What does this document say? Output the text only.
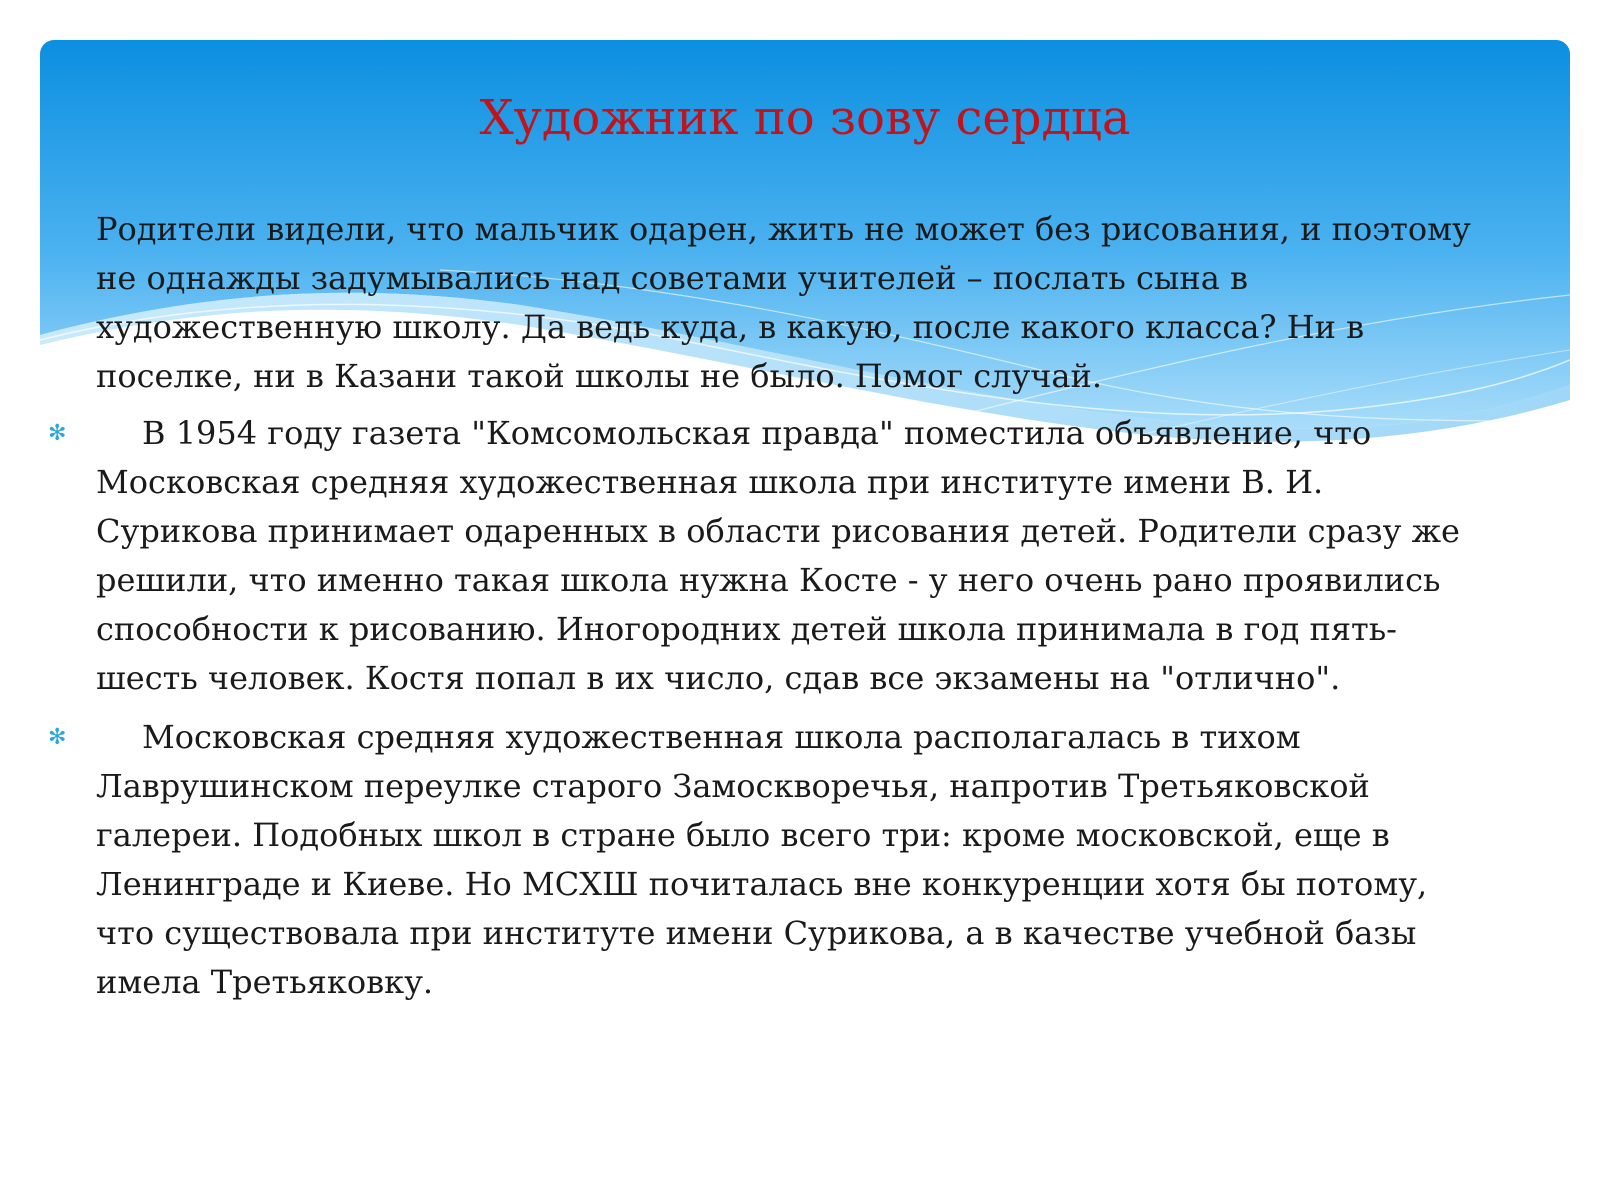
Художник по зову сердца

Родители видели, что мальчик одарен, жить не может без рисования, и поэтому не однажды задумывались над советами учителей – послать сына в художественную школу. Да ведь куда, в какую, после какого класса? Ни в поселке, ни в Казани такой школы не было. Помог случай.

✻ В 1954 году газета "Комсомольская правда" поместила объявление, что Московская средняя художественная школа при институте имени В. И. Сурикова принимает одаренных в области рисования детей. Родители сразу же решили, что именно такая школа нужна Косте - у него очень рано проявились способности к рисованию. Иногородних детей школа принимала в год пять-шесть человек. Костя попал в их число, сдав все экзамены на "отлично".

✻ Московская средняя художественная школа располагалась в тихом Лаврушинском переулке старого Замоскворечья, напротив Третьяковской галереи. Подобных школ в стране было всего три: кроме московской, еще в Ленинграде и Киеве. Но МСХШ почиталась вне конкуренции хотя бы потому, что существовала при институте имени Сурикова, а в качестве учебной базы имела Третьяковку.
